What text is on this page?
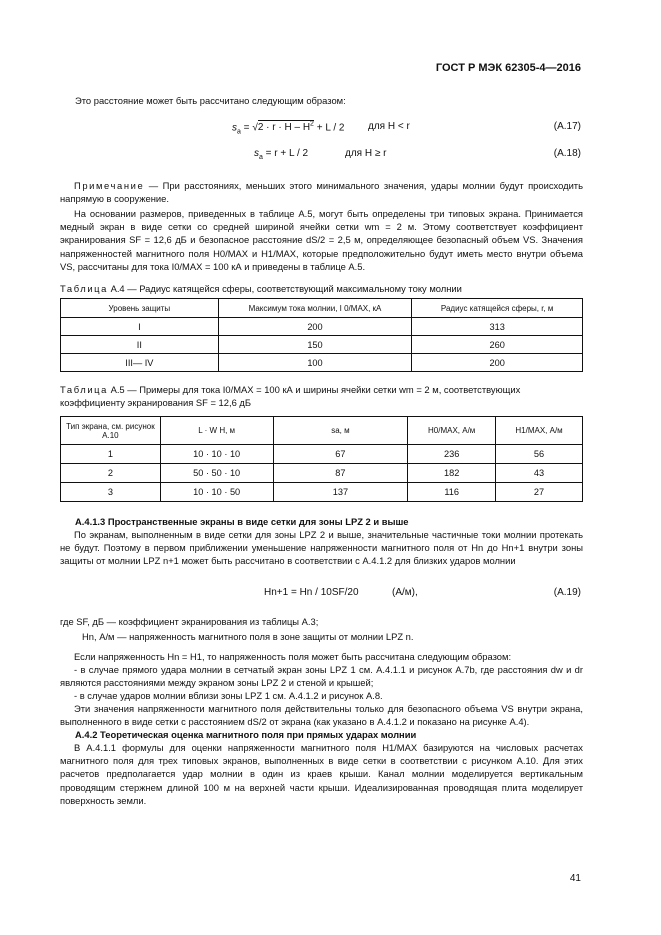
ГОСТ Р МЭК 62305-4—2016
Это расстояние может быть рассчитано следующим образом:
$s_a = √2 \cdot r \cdot H - H^2 + L / 2$ для H < r	(A.17)
$s_a = r + L / 2$	для H ≥ r	(A.18)
Примечание — При расстояниях, меньших этого минимального значения, удары молнии будут происходить напрямую в сооружение.
На основании размеров, приведенных в таблице A.5, могут быть определены три типовых экрана. Принимается медный экран в виде сетки со средней шириной ячейки сетки wm = 2 м. Этому соответствует коэффициент экранирования SF = 12,6 дБ и безопасное расстояние dS/2 = 2,5 м, определяющее безопасный объем VS. Значения напряженностей магнитного поля H0/MAX и H1/MAX, которые предположительно будут иметь место внутри объема VS, рассчитаны для тока I0/MAX = 100 кА и приведены в таблице A.5.
Таблица A.4 — Радиус катящейся сферы, соответствующий максимальному току молнии
Уровень защиты	Максимум тока молнии, I 0/MAX, кА	Радиус катящейся сферы, r, м
I	200	313
II	150	260
III— IV	100	200
Таблица A.5 — Примеры для тока I0/MAX = 100 кА и ширины ячейки сетки wm = 2 м, соответствующих коэффициенту экранирования SF = 12,6 дБ
Тип экрана, см. рисунок A.10	L · W H, м	sa, м	H0/MAX, А/м	H1/MAX, А/м
1	10 · 10 · 10	67	236	56
2	50 · 50 · 10	87	182	43
3	10 · 10 · 50	137	116	27
A.4.1.3 Пространственные экраны в виде сетки для зоны LPZ 2 и выше
По экранам, выполненным в виде сетки для зоны LPZ 2 и выше, значительные частичные токи молнии протекать не будут. Поэтому в первом приближении уменьшение напряженности магнитного поля от Hn до Hn+1 внутри зоны защиты от молнии LPZ n+1 может быть рассчитано в соответствии с A.4.1.2 для близких ударов молнии
Hn+1 = Hn / 10SF/20	(A/м),	(A.19)
где SF, дБ — коэффициент экранирования из таблицы A.3;
Hn, А/м — напряженность магнитного поля в зоне защиты от молнии LPZ n.
Если напряженность Hn = H1, то напряженность поля может быть рассчитана следующим образом:
- в случае прямого удара молнии в сетчатый экран зоны LPZ 1 см. A.4.1.1 и рисунок A.7b, где расстояния dw и dr являются расстояниями между экраном зоны LPZ 2 и стеной и крышей;
- в случае ударов молнии вблизи зоны LPZ 1 см. A.4.1.2 и рисунок A.8.
Эти значения напряженности магнитного поля действительны только для безопасного объема VS внутри экрана, выполненного в виде сетки с расстоянием dS/2 от экрана (как указано в A.4.1.2 и показано на рисунке A.4).
A.4.2 Теоретическая оценка магнитного поля при прямых ударах молнии
В A.4.1.1 формулы для оценки напряженности магнитного поля H1/MAX базируются на числовых расчетах магнитного поля для трех типовых экранов, выполненных в виде сетки в соответствии с рисунком A.10. Для этих расчетов предполагается удар молнии в один из краев крыши. Канал молнии моделируется вертикальным проводящим стержнем длиной 100 м на верхней части крыши. Идеализированная проводящая плита моделирует поверхность земли.
41
